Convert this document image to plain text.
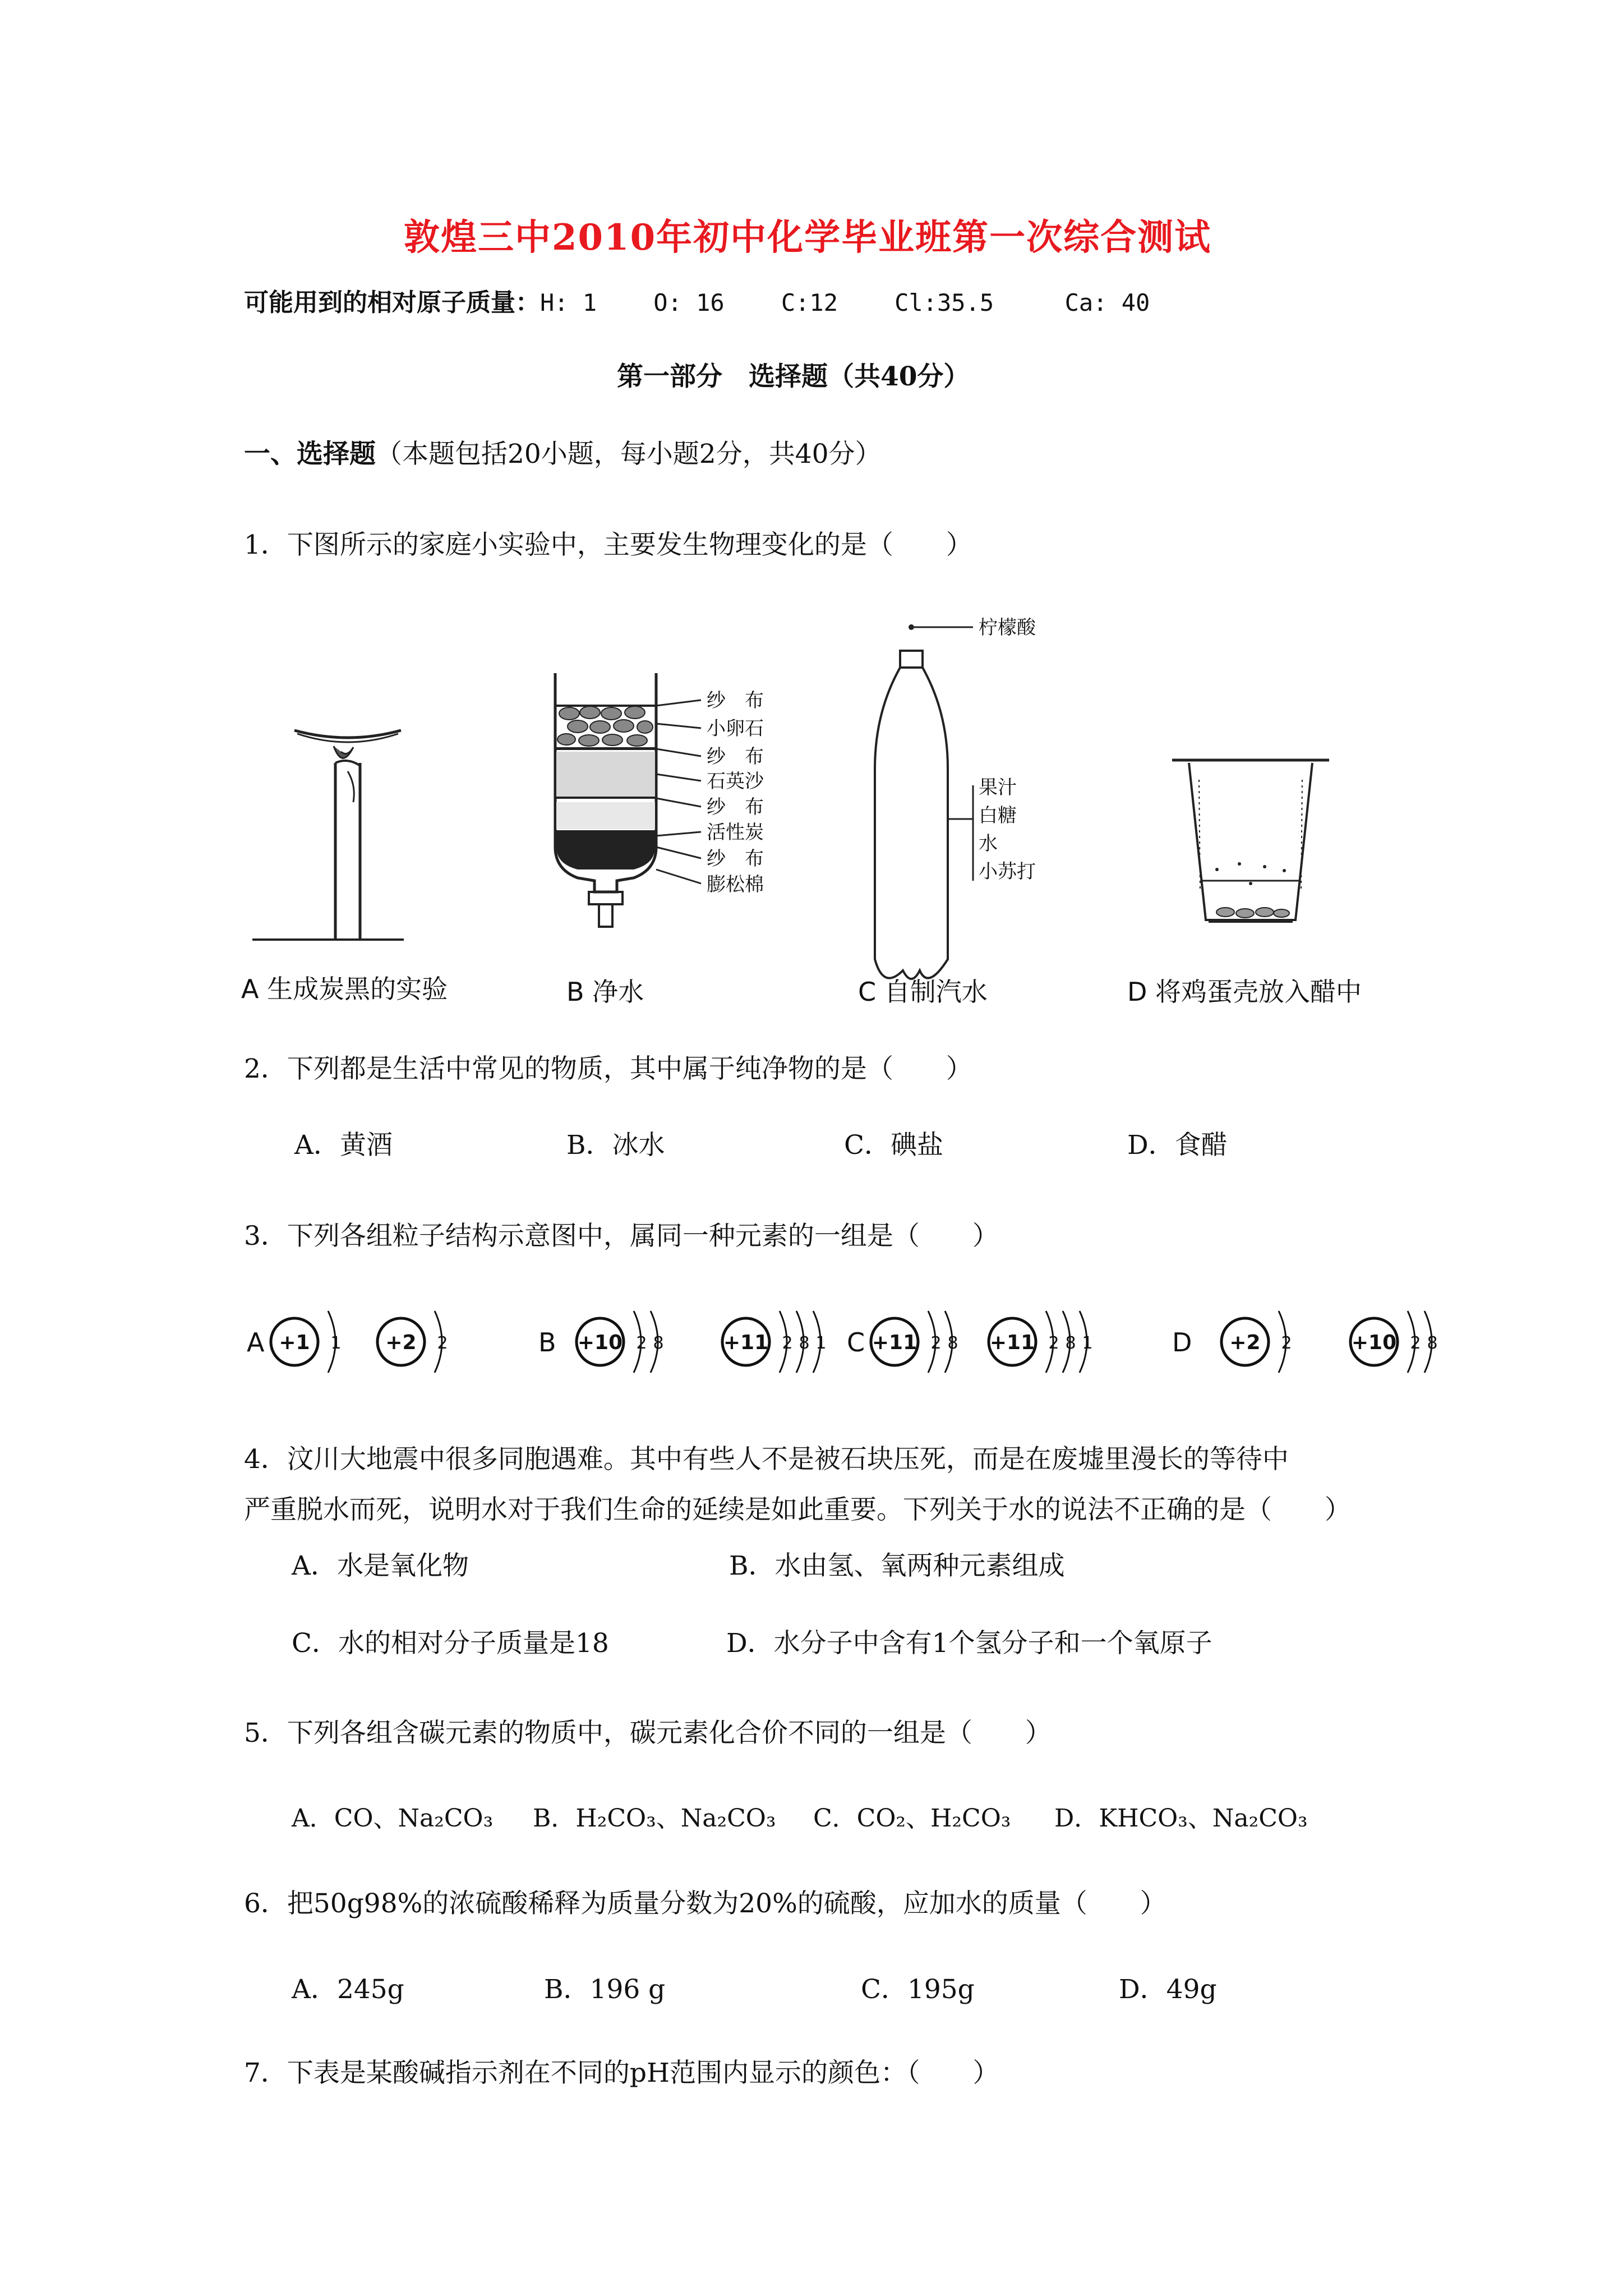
敦煌三中2010年初中化学毕业班第一次综合测试
可能用到的相对原子质量：H: 1    O: 16    C:12    Cl:35.5     Ca: 40
第一部分　选择题（共40分）
一、选择题（本题包括20小题，每小题2分，共40分）
1．下图所示的家庭小实验中，主要发生物理变化的是（　　）
纱　布
小卵石
纱　布
石英沙
纱　布
活性炭
纱　布
膨松棉
柠檬酸
果汁
白糖
水
小苏打
A 生成炭黑的实验	B 净水	C 自制汽水	D 将鸡蛋壳放入醋中
2．下列都是生活中常见的物质，其中属于纯净物的是（　　）
A．黄酒	B．冰水	C．碘盐	D．食醋
3．下列各组粒子结构示意图中，属同一种元素的一组是（　　）
A +1 1 +2 2	B +10 2 8	+11 2 8 1 C +11 2 8 +11 2 8 1	D +2 2	+10 2 8
4．汶川大地震中很多同胞遇难。其中有些人不是被石块压死，而是在废墟里漫长的等待中
严重脱水而死，说明水对于我们生命的延续是如此重要。下列关于水的说法不正确的是（　　）
A．水是氧化物	B．水由氢、氧两种元素组成
C．水的相对分子质量是18	D．水分子中含有1个氢分子和一个氧原子
5．下列各组含碳元素的物质中，碳元素化合价不同的一组是（　　）
A．CO、Na₂CO₃ B．H₂CO₃、Na₂CO₃ C．CO₂、H₂CO₃ D．KHCO₃、Na₂CO₃
6．把50g98%的浓硫酸稀释为质量分数为20%的硫酸，应加水的质量（　　）
A．245g	B．196 g	C．195g	D．49g
7．下表是某酸碱指示剂在不同的pH范围内显示的颜色：（　　）
